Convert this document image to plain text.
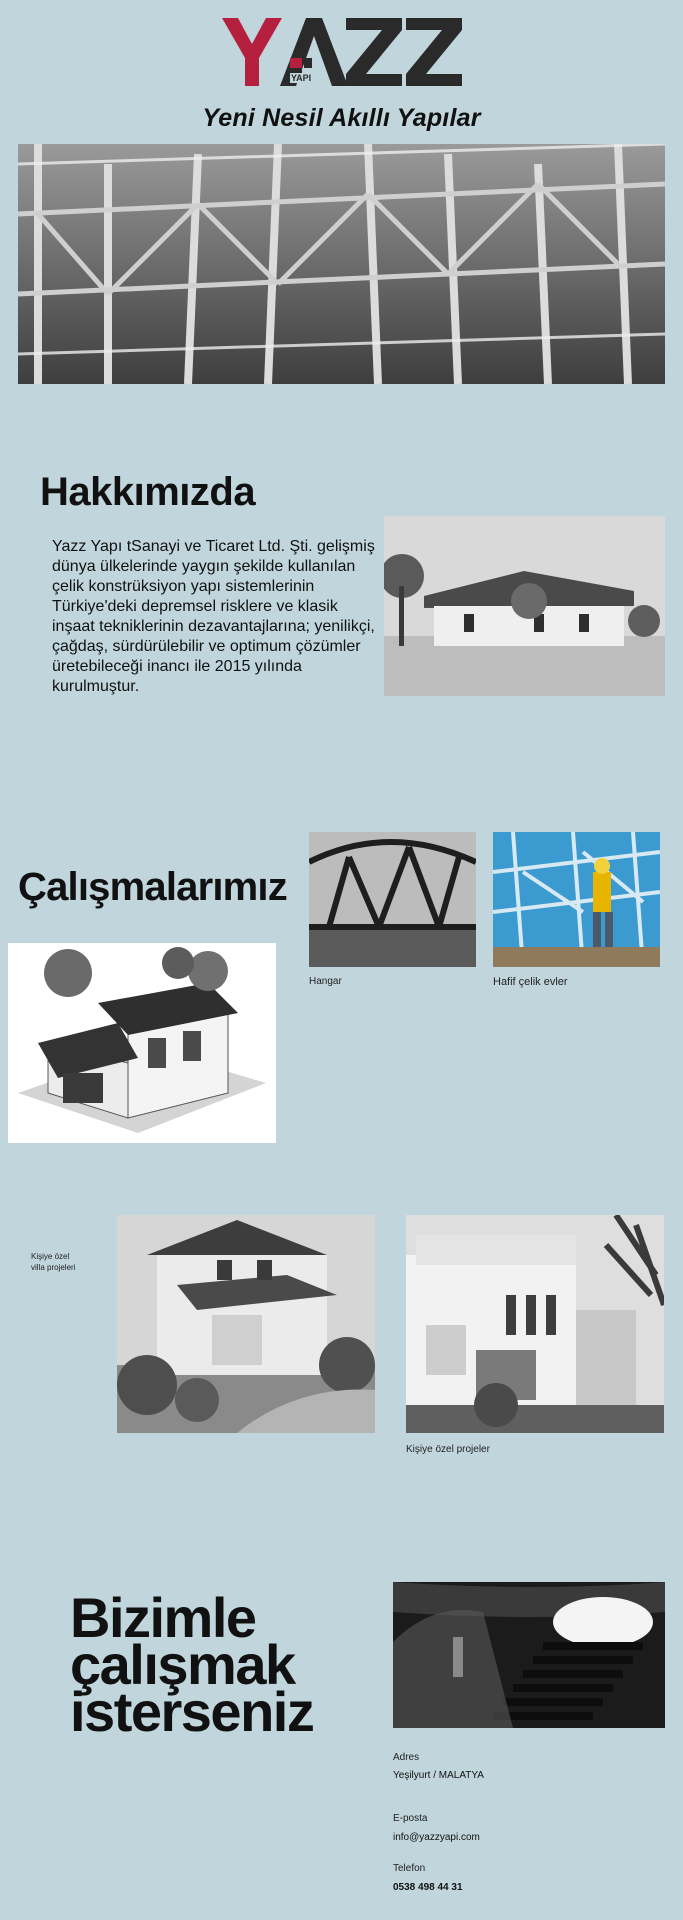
YAPI
Yeni Nesil Akıllı Yapılar
Hakkımızda
Yazz Yapı tSanayi ve Ticaret Ltd. Şti. gelişmiş dünya ülkelerinde yaygın şekilde kullanılan çelik konstrüksiyon yapı sistemlerinin Türkiye'deki depremsel risklere ve klasik inşaat tekniklerinin dezavantajlarına; yenilikçi, çağdaş, sürdürülebilir ve optimum çözümler üretebileceği inancı ile 2015 yılında kurulmuştur.
Çalışmalarımız
Hangar	Hafif çelik evler
Kişiye özel
villa projeleri
Kişiye özel projeler
Bizimle çalışmak isterseniz
Adres
Yeşilyurt / MALATYA
E-posta
info@yazzyapi.com
Telefon
0538 498 44 31
